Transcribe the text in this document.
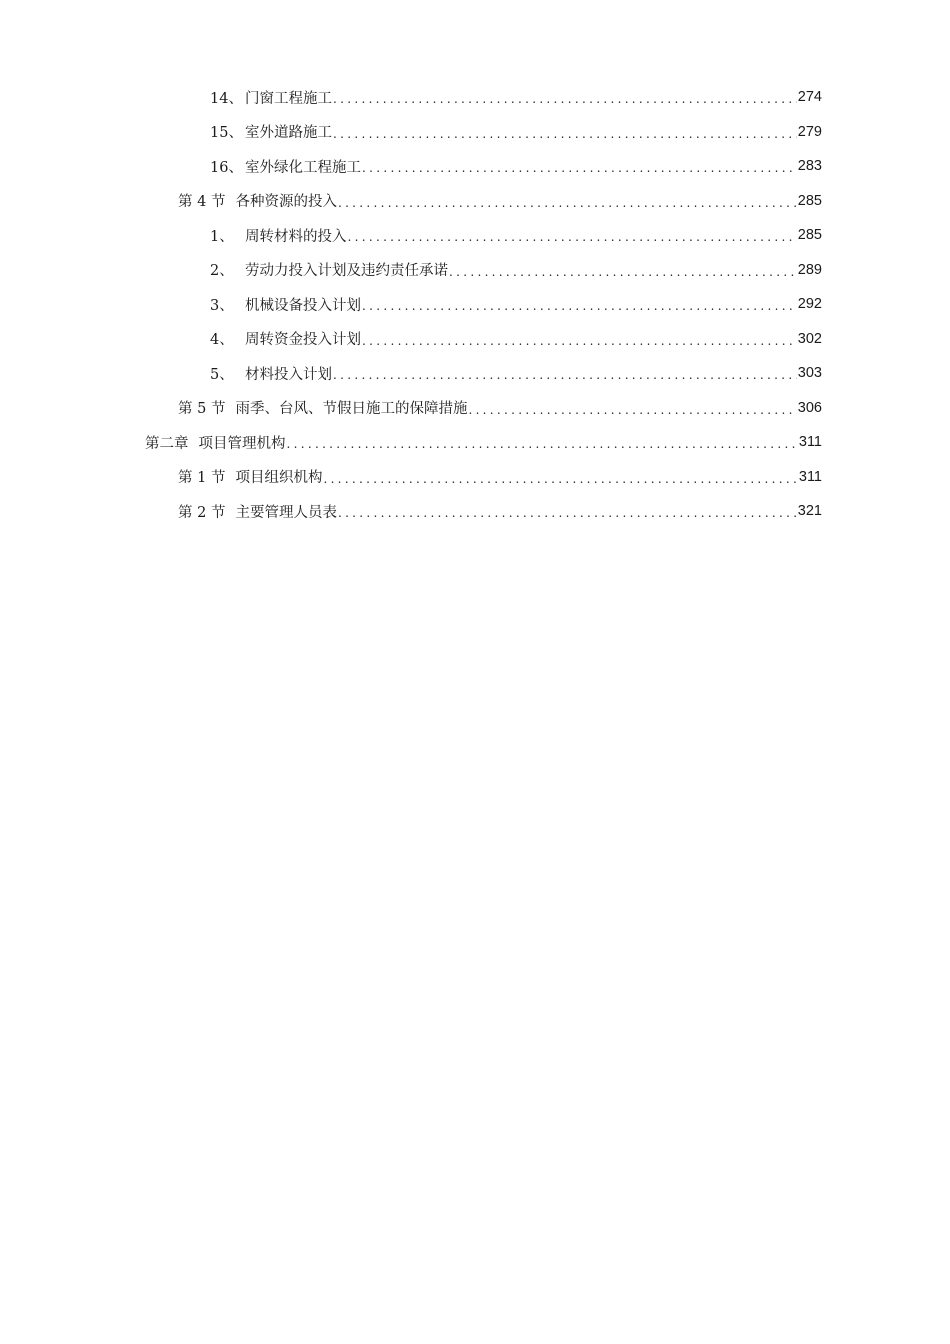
14、 门窗工程施工 .....	274
15、 室外道路施工 .....	279
16、 室外绿化工程施工 .....	283
第 4 节 各种资源的投入 .....	285
1、 周转材料的投入 .....	285
2、 劳动力投入计划及违约责任承诺 .....	289
3、 机械设备投入计划 .....	292
4、 周转资金投入计划 .....	302
5、 材料投入计划 .....	303
第 5 节 雨季、台风、节假日施工的保障措施 .....	306
第二章 项目管理机构 .....	311
第 1 节 项目组织机构 .....	311
第 2 节 主要管理人员表 .....	321
